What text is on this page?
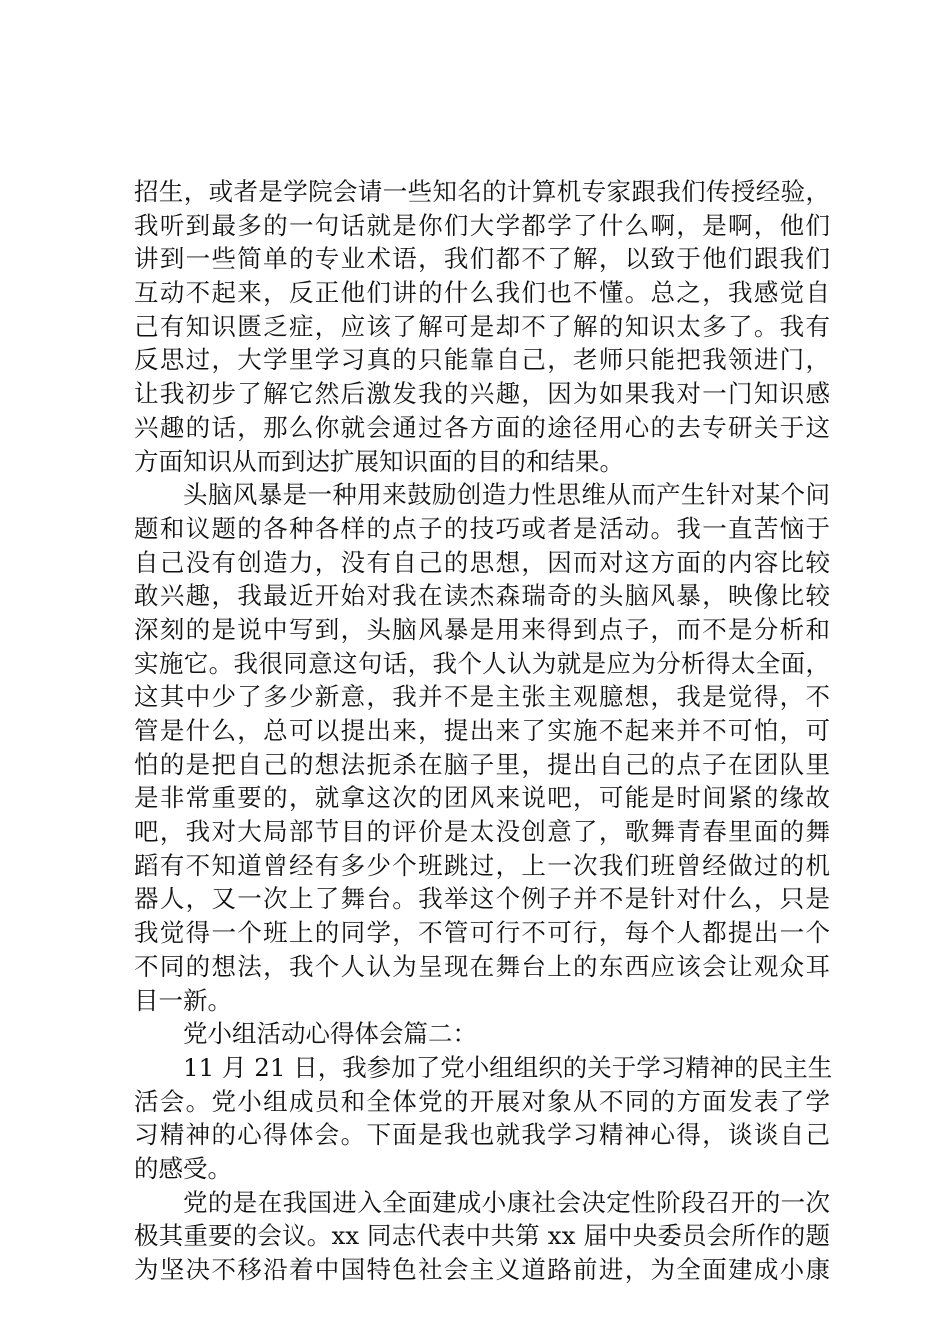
招生，或者是学院会请一些知名的计算机专家跟我们传授经验，
我听到最多的一句话就是你们大学都学了什么啊，是啊，他们
讲到一些简单的专业术语，我们都不了解，以致于他们跟我们
互动不起来，反正他们讲的什么我们也不懂。总之，我感觉自
己有知识匮乏症，应该了解可是却不了解的知识太多了。我有
反思过，大学里学习真的只能靠自己，老师只能把我领进门，
让我初步了解它然后激发我的兴趣，因为如果我对一门知识感
兴趣的话，那么你就会通过各方面的途径用心的去专研关于这
方面知识从而到达扩展知识面的目的和结果。
头脑风暴是一种用来鼓励创造力性思维从而产生针对某个问
题和议题的各种各样的点子的技巧或者是活动。我一直苦恼于
自己没有创造力，没有自己的思想，因而对这方面的内容比较
敢兴趣，我最近开始对我在读杰森瑞奇的头脑风暴，映像比较
深刻的是说中写到，头脑风暴是用来得到点子，而不是分析和
实施它。我很同意这句话，我个人认为就是应为分析得太全面，
这其中少了多少新意，我并不是主张主观臆想，我是觉得，不
管是什么，总可以提出来，提出来了实施不起来并不可怕，可
怕的是把自己的想法扼杀在脑子里，提出自己的点子在团队里
是非常重要的，就拿这次的团风来说吧，可能是时间紧的缘故
吧，我对大局部节目的评价是太没创意了，歌舞青春里面的舞
蹈有不知道曾经有多少个班跳过，上一次我们班曾经做过的机
器人，又一次上了舞台。我举这个例子并不是针对什么，只是
我觉得一个班上的同学，不管可行不可行，每个人都提出一个
不同的想法，我个人认为呈现在舞台上的东西应该会让观众耳
目一新。
党小组活动心得体会篇二：
11 月 21 日，我参加了党小组组织的关于学习精神的民主生
活会。党小组成员和全体党的开展对象从不同的方面发表了学
习精神的心得体会。下面是我也就我学习精神心得，谈谈自己
的感受。
党的是在我国进入全面建成小康社会决定性阶段召开的一次
极其重要的会议。xx 同志代表中共第 xx 届中央委员会所作的题
为坚决不移沿着中国特色社会主义道路前进，为全面建成小康
